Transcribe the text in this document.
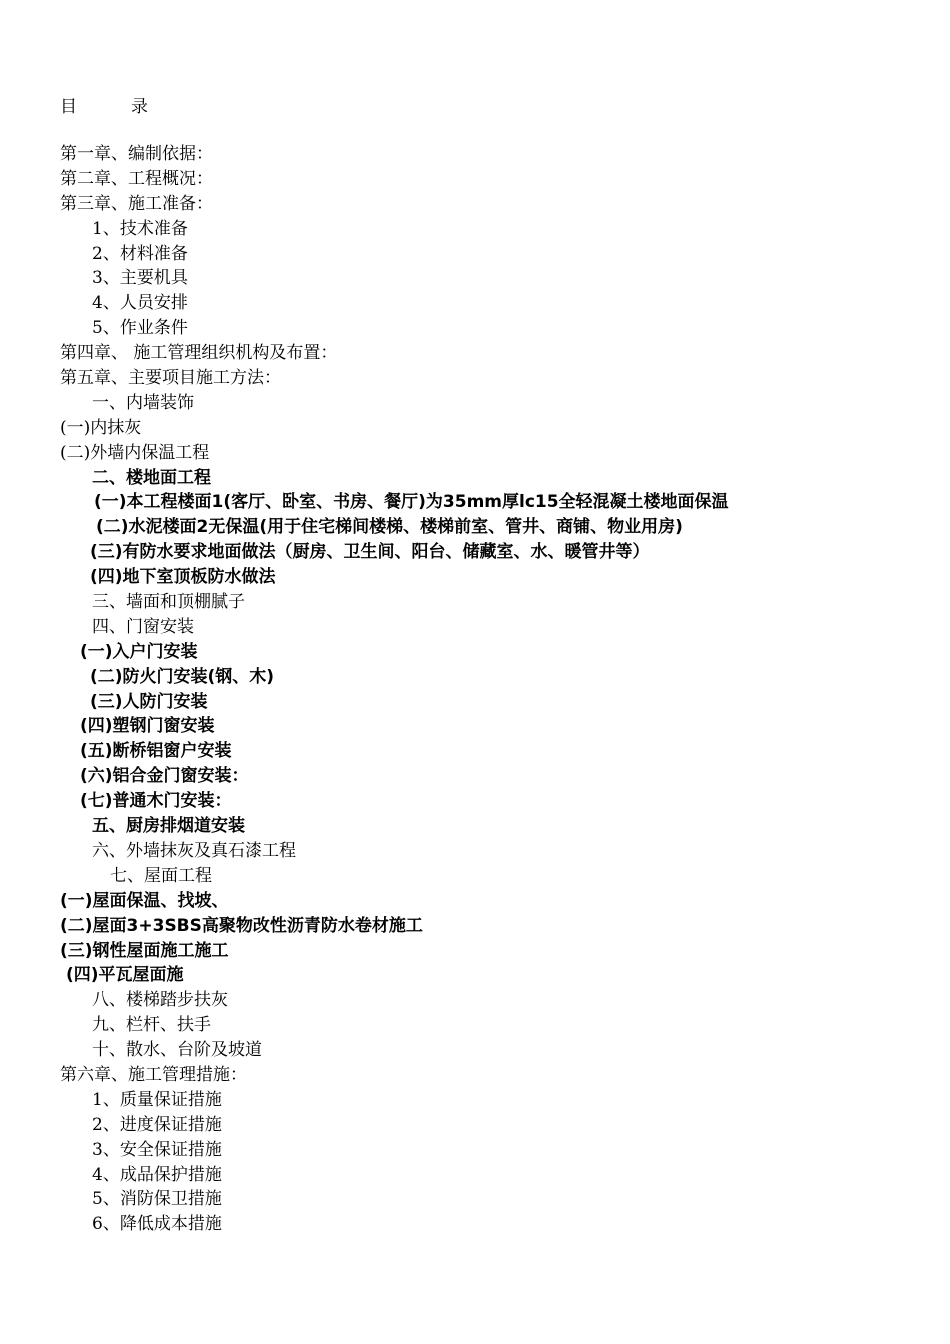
目          录
第一章、编制依据：
第二章、工程概况：
第三章、施工准备：
1、技术准备
2、材料准备
3、主要机具
4、人员安排
5、作业条件
第四章、 施工管理组织机构及布置：
第五章、主要项目施工方法：
一、内墙装饰
(一)内抹灰
(二)外墙内保温工程
二、楼地面工程
(一)本工程楼面1(客厅、卧室、书房、餐厅)为35mm厚lc15全轻混凝土楼地面保温
(二)水泥楼面2无保温(用于住宅梯间楼梯、楼梯前室、管井、商铺、物业用房)
(三)有防水要求地面做法（厨房、卫生间、阳台、储藏室、水、暖管井等）
(四)地下室顶板防水做法
三、墙面和顶棚腻子
四、门窗安装
(一)入户门安装
(二)防火门安装(钢、木)
(三)人防门安装
(四)塑钢门窗安装
(五)断桥铝窗户安装
(六)铝合金门窗安装：
(七)普通木门安装：
五、厨房排烟道安装
六、外墙抹灰及真石漆工程
七、屋面工程
(一)屋面保温、找坡、
(二)屋面3+3SBS高聚物改性沥青防水卷材施工
(三)钢性屋面施工施工
(四)平瓦屋面施
八、楼梯踏步扶灰
九、栏杆、扶手
十、散水、台阶及坡道
第六章、施工管理措施：
1、质量保证措施
2、进度保证措施
3、安全保证措施
4、成品保护措施
5、消防保卫措施
6、降低成本措施
